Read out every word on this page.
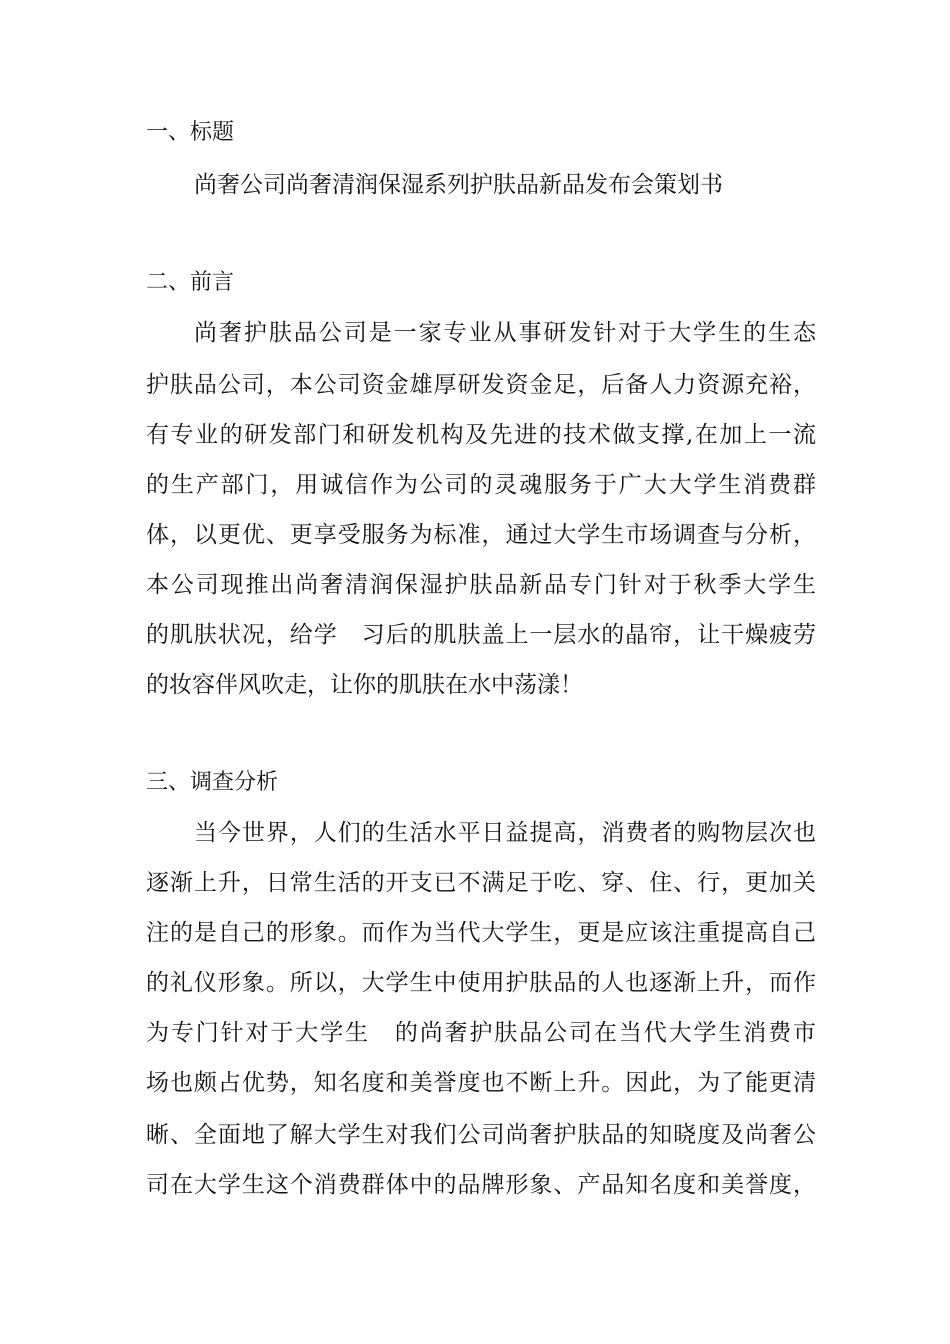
一、标题
尚奢公司尚奢清润保湿系列护肤品新品发布会策划书
二、前言
尚奢护肤品公司是一家专业从事研发针对于大学生的生态
护肤品公司，本公司资金雄厚研发资金足，后备人力资源充裕，
有专业的研发部门和研发机构及先进的技术做支撑,在加上一流
的生产部门，用诚信作为公司的灵魂服务于广大大学生消费群
体，以更优、更享受服务为标准，通过大学生市场调查与分析，
本公司现推出尚奢清润保湿护肤品新品专门针对于秋季大学生
的肌肤状况，给学　习后的肌肤盖上一层水的晶帘，让干燥疲劳
的妆容伴风吹走，让你的肌肤在水中荡漾！
三、调查分析
当今世界，人们的生活水平日益提高，消费者的购物层次也
逐渐上升，日常生活的开支已不满足于吃、穿、住、行，更加关
注的是自己的形象。而作为当代大学生，更是应该注重提高自己
的礼仪形象。所以，大学生中使用护肤品的人也逐渐上升，而作
为专门针对于大学生　的尚奢护肤品公司在当代大学生消费市
场也颇占优势，知名度和美誉度也不断上升。因此，为了能更清
晰、全面地了解大学生对我们公司尚奢护肤品的知晓度及尚奢公
司在大学生这个消费群体中的品牌形象、产品知名度和美誉度，
